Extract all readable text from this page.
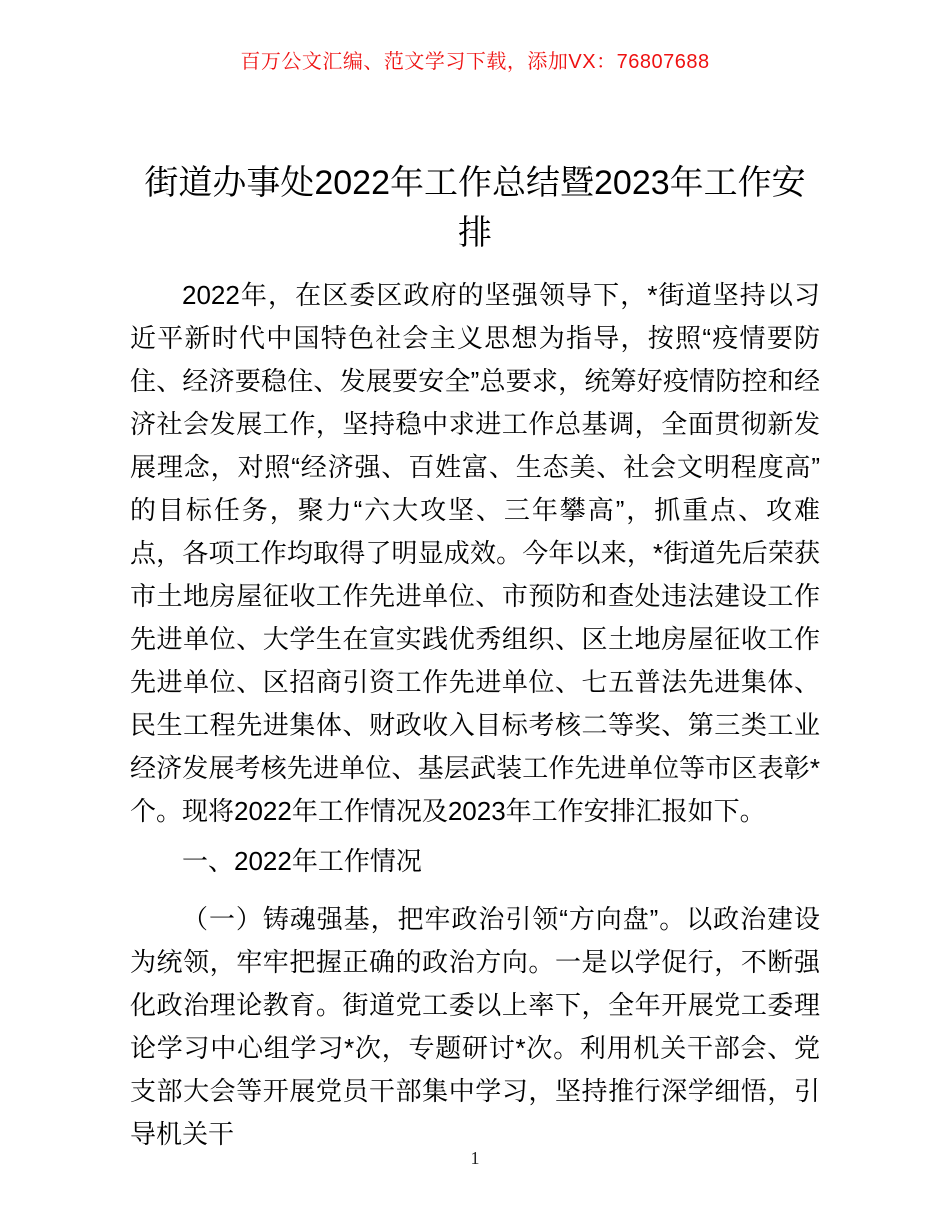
百万公文汇编、范文学习下载，添加VX：76807688
街道办事处2022年工作总结暨2023年工作安
排

2022年，在区委区政府的坚强领导下，*街道坚持以习近平新时代中国特色社会主义思想为指导，按照“疫情要防住、经济要稳住、发展要安全”总要求，统筹好疫情防控和经济社会发展工作，坚持稳中求进工作总基调，全面贯彻新发展理念，对照“经济强、百姓富、生态美、社会文明程度高”的目标任务，聚力“六大攻坚、三年攀高”，抓重点、攻难点，各项工作均取得了明显成效。今年以来，*街道先后荣获市土地房屋征收工作先进单位、市预防和查处违法建设工作先进单位、大学生在宣实践优秀组织、区土地房屋征收工作先进单位、区招商引资工作先进单位、七五普法先进集体、民生工程先进集体、财政收入目标考核二等奖、第三类工业经济发展考核先进单位、基层武装工作先进单位等市区表彰*个。现将2022年工作情况及2023年工作安排汇报如下。

一、2022年工作情况

（一）铸魂强基，把牢政治引领“方向盘”。以政治建设为统领，牢牢把握正确的政治方向。一是以学促行，不断强化政治理论教育。街道党工委以上率下，全年开展党工委理论学习中心组学习*次，专题研讨*次。利用机关干部会、党支部大会等开展党员干部集中学习，坚持推行深学细悟，引导机关干

1
